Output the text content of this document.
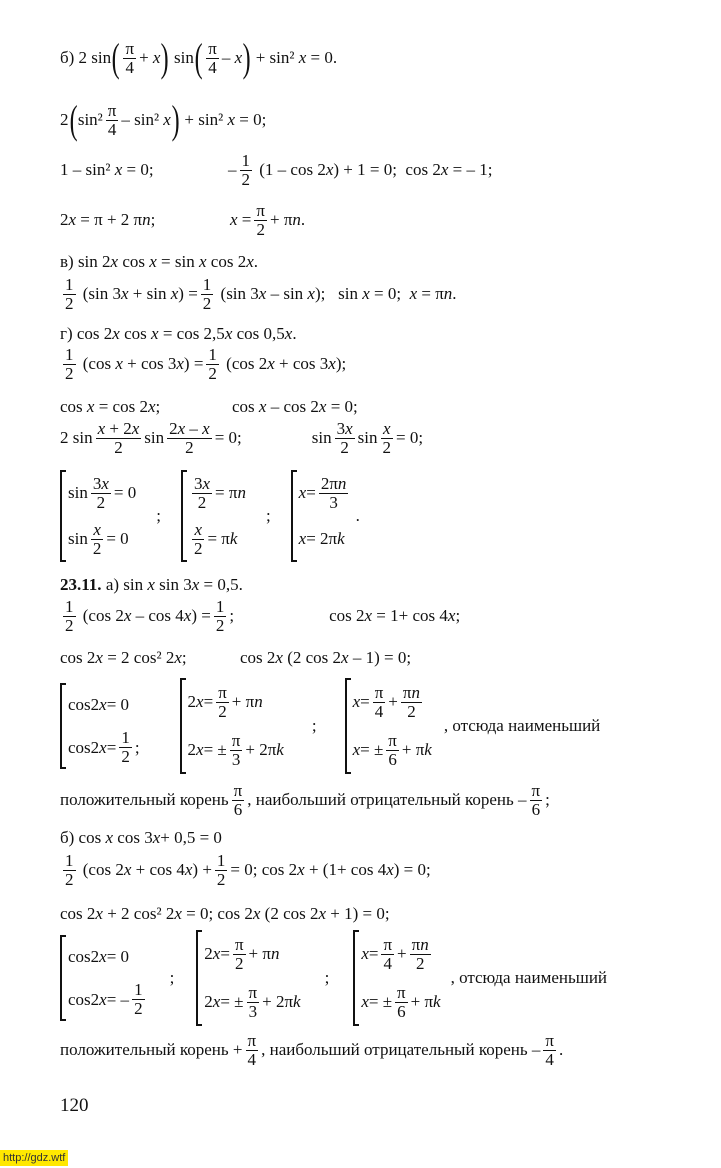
б) 2 sin ( $\frac{\pi}{4} + x$ ) sin ( $\frac{\pi}{4}$ – x ) + sin² x = 0.
2 ( $\sin^2 \frac{\pi}{4} - \sin^2$ x ) + sin² x = 0;
1 – sin² x = 0;	– $\frac{1}{2} (1 - \cos 2x) + 1 = 0$;  cos 2x = – 1;
2x = π + 2 πn;	$x = \frac{\pi}{2} + \pi n$.
в) sin 2x cos x = sin x cos 2x.
$\frac{1}{2} (\sin$ $3x + \sin x) = \frac{1}{2} (\sin$ 3x – sin x);   sin x = 0;  x = πn.
г) cos 2x cos x = cos 2,5x cos 0,5x.
$\frac{1}{2} (\cos$ $x + \cos 3x) = \frac{1}{2} (\cos$ 2x + cos 3x);
cos x = cos 2x;	cos x – cos 2x = 0;
2 $\sin \frac{x + 2x}{2}$ $\sin \frac{2x - x}{2} = 0$;	$\sin \frac{3x}{2}$ $\sin \frac{x}{2} = 0$;
$\sin \frac{3x}{2} = 0$
$\sin \frac{x}{2} = 0$
;
$\frac{3x}{2} = \pi$ n
$\frac{x}{2} = \pi$ k
;
$x = \frac{2\pi n}{3}$
x = 2π k
.
23.11. а) sin x sin 3x = 0,5.
$\frac{1}{2} (\cos$ $2x - \cos 4x) = \frac{1}{2}$ ;	cos 2x = 1+ cos 4x;
cos 2x = 2 cos² 2x;	cos 2x (2 cos 2x – 1) = 0;
cos2 x = 0
cos2 $x = \frac{1}{2}$ ;
2 $x = \frac{\pi}{2} + \pi$ n
2 x = ± $\frac{\pi}{3} + 2\pi$ k
;
$x = \frac{\pi}{4} + \frac{\pi n}{2}$
x = ± $\frac{\pi}{6} + \pi$ k
, отсюда наименьший
положительный корень $\frac{\pi}{6}$ , наибольший отрицательный корень – $\frac{\pi}{6}$ ;
б) cos x cos 3x+ 0,5 = 0
$\frac{1}{2} (\cos$ $2x + \cos 4x) + \frac{1}{2} = 0$; cos 2x + (1+ cos 4x) = 0;
cos 2x + 2 cos² 2x = 0; cos 2x (2 cos 2x + 1) = 0;
cos2 x = 0
cos2 x = – $\frac{1}{2}$
;
2 $x = \frac{\pi}{2} + \pi$ n
2 x = ± $\frac{\pi}{3} + 2\pi$ k
;
$x = \frac{\pi}{4} + \frac{\pi n}{2}$
x = ± $\frac{\pi}{6} + \pi$ k
, отсюда наименьший
положительный корень + $\frac{\pi}{4}$ , наибольший отрицательный корень – $\frac{\pi}{4}$ .
120
http://gdz.wtf
